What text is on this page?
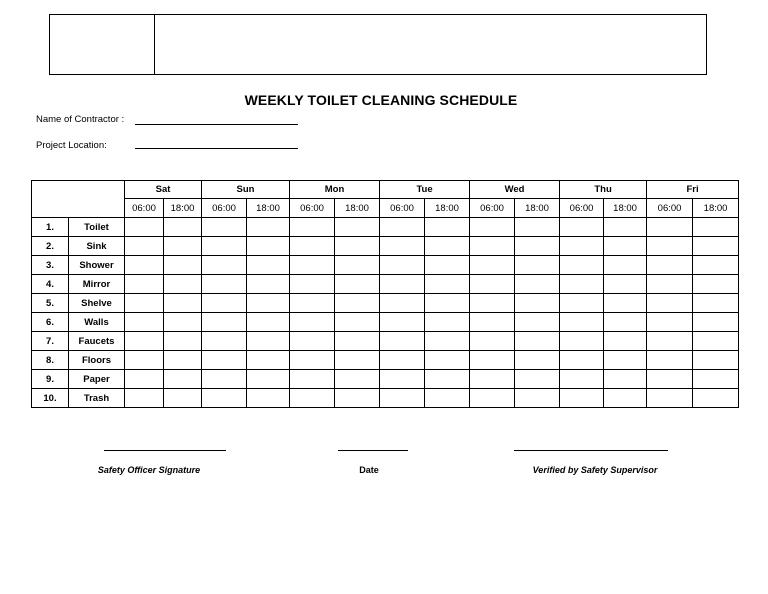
WEEKLY TOILET CLEANING SCHEDULE
Name of Contractor :
Project Location:
		Sat		Sun		Mon		Tue		Wed		Thu		Fri	
		06:00	18:00	06:00	18:00	06:00	18:00	06:00	18:00	06:00	18:00	06:00	18:00	06:00	18:00
1.	Toilet														
2.	Sink														
3.	Shower														
4.	Mirror														
5.	Shelve														
6.	Walls														
7.	Faucets														
8.	Floors														
9.	Paper														
10.	Trash														
Safety Officer Signature	Date	Verified by Safety Supervisor
